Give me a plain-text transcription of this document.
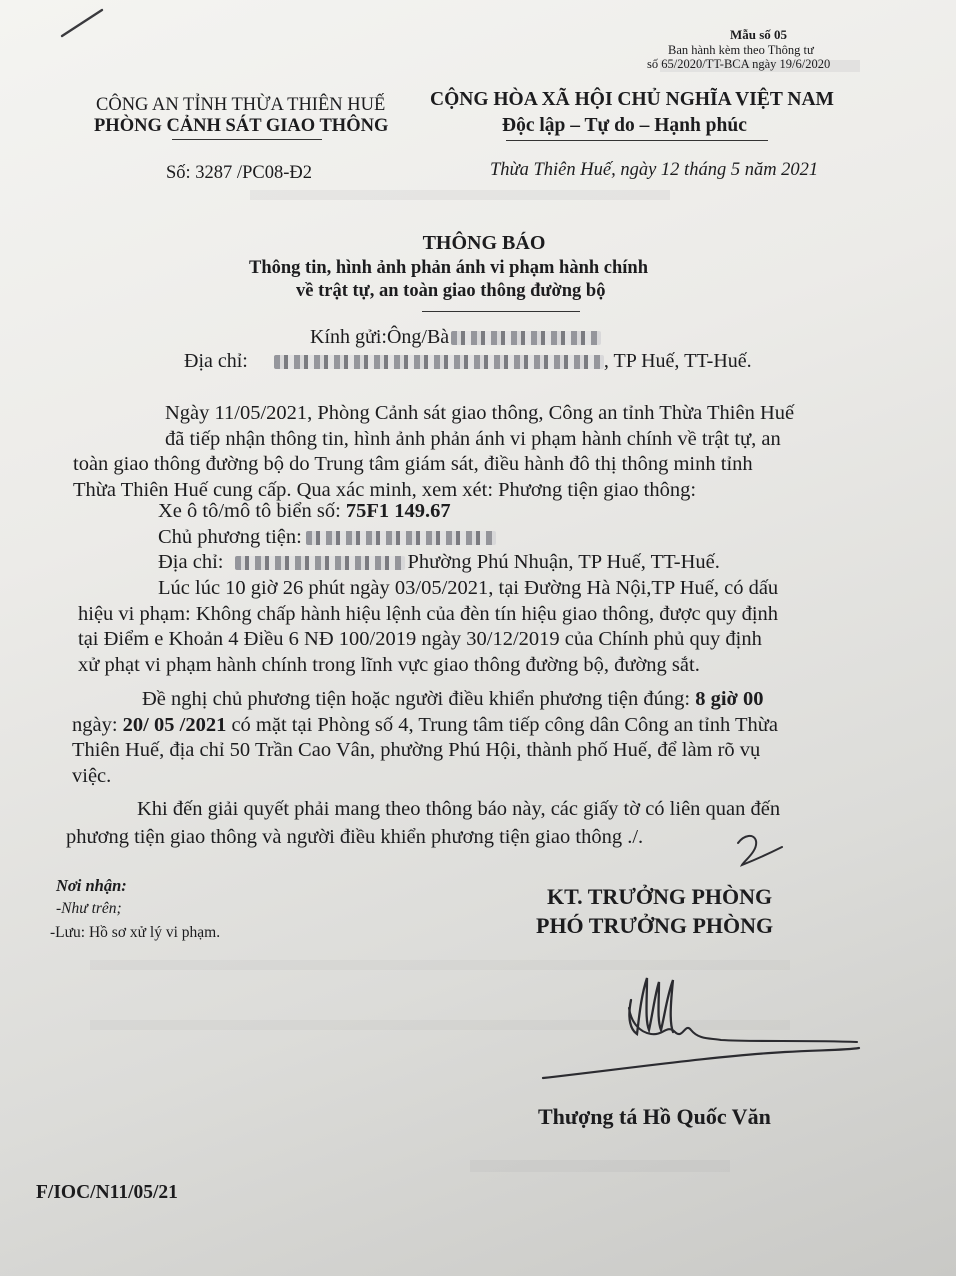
Mẫu số 05
Ban hành kèm theo Thông tư
số 65/2020/TT-BCA ngày 19/6/2020
CÔNG AN TỈNH THỪA THIÊN HUẾ
PHÒNG CẢNH SÁT GIAO THÔNG
Số: 3287 /PC08-Đ2
CỘNG HÒA XÃ HỘI CHỦ NGHĨA VIỆT NAM
Độc lập – Tự do – Hạnh phúc
Thừa Thiên Huế, ngày 12 tháng 5 năm 2021
THÔNG BÁO
Thông tin, hình ảnh phản ánh vi phạm hành chính
về trật tự, an toàn giao thông đường bộ
Kính gửi:Ông/Bà
Địa chỉ:	, TP Huế, TT-Huế.
Ngày 11/05/2021, Phòng Cảnh sát giao thông, Công an tỉnh Thừa Thiên Huế
đã tiếp nhận thông tin, hình ảnh phản ánh vi phạm hành chính về trật tự, an
toàn giao thông đường bộ do Trung tâm giám sát, điều hành đô thị thông minh tỉnh
Thừa Thiên Huế cung cấp. Qua xác minh, xem xét: Phương tiện giao thông:
Xe ô tô/mô tô biển số: 75F1 149.67
Chủ phương tiện:
Địa chỉ:	Phường Phú Nhuận, TP Huế, TT-Huế.
Lúc lúc 10 giờ 26 phút ngày 03/05/2021, tại Đường Hà Nội,TP Huế, có dấu
hiệu vi phạm: Không chấp hành hiệu lệnh của đèn tín hiệu giao thông, được quy định
tại Điểm e Khoản 4 Điều 6 NĐ 100/2019 ngày 30/12/2019 của Chính phủ quy định
xử phạt vi phạm hành chính trong lĩnh vực giao thông đường bộ, đường sắt.
Đề nghị chủ phương tiện hoặc người điều khiển phương tiện đúng: 8 giờ 00
ngày: 20/ 05 /2021 có mặt tại Phòng số 4, Trung tâm tiếp công dân Công an tỉnh Thừa
Thiên Huế, địa chỉ 50 Trần Cao Vân, phường Phú Hội, thành phố Huế, để làm rõ vụ
việc.
Khi đến giải quyết phải mang theo thông báo này, các giấy tờ có liên quan đến
phương tiện giao thông và người điều khiển phương tiện giao thông ./.
Nơi nhận:
-Như trên;
-Lưu: Hồ sơ xử lý vi phạm.
KT. TRƯỞNG PHÒNG
PHÓ TRƯỞNG PHÒNG
Thượng tá Hồ Quốc Văn
F/IOC/N11/05/21
